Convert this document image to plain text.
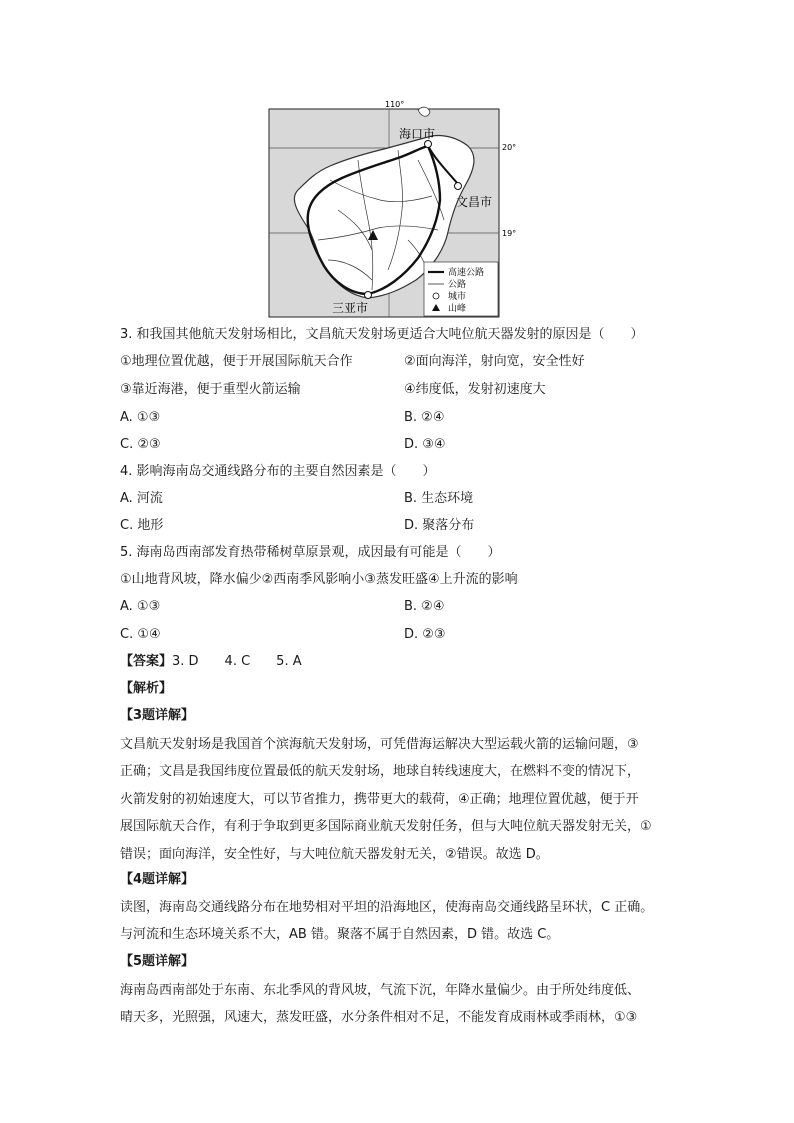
110°
20°
19°
海口市
文昌市
三亚市
高速公路
公路
城市
山峰
3. 和我国其他航天发射场相比，文昌航天发射场更适合大吨位航天器发射的原因是（　　）
①地理位置优越，便于开展国际航天合作	②面向海洋，射向宽，安全性好
③靠近海港，便于重型火箭运输	④纬度低，发射初速度大
A. ①③	B. ②④
C. ②③	D. ③④
4. 影响海南岛交通线路分布的主要自然因素是（　　）
A. 河流	B. 生态环境
C. 地形	D. 聚落分布
5. 海南岛西南部发育热带稀树草原景观，成因最有可能是（　　）
①山地背风坡，降水偏少②西南季风影响小③蒸发旺盛④上升流的影响
A. ①③	B. ②④
C. ①④	D. ②③
【答案】3. D　　4. C　　5. A
【解析】
【3题详解】
文昌航天发射场是我国首个滨海航天发射场，可凭借海运解决大型运载火箭的运输问题，③
正确；文昌是我国纬度位置最低的航天发射场，地球自转线速度大，在燃料不变的情况下，
火箭发射的初始速度大，可以节省推力，携带更大的载荷，④正确；地理位置优越，便于开
展国际航天合作，有利于争取到更多国际商业航天发射任务，但与大吨位航天器发射无关，①
错误；面向海洋，安全性好，与大吨位航天器发射无关，②错误。故选 D。
【4题详解】
读图，海南岛交通线路分布在地势相对平坦的沿海地区，使海南岛交通线路呈环状，C 正确。
与河流和生态环境关系不大，AB 错。聚落不属于自然因素，D 错。故选 C。
【5题详解】
海南岛西南部处于东南、东北季风的背风坡，气流下沉，年降水量偏少。由于所处纬度低、
晴天多，光照强，风速大，蒸发旺盛，水分条件相对不足，不能发育成雨林或季雨林，①③
